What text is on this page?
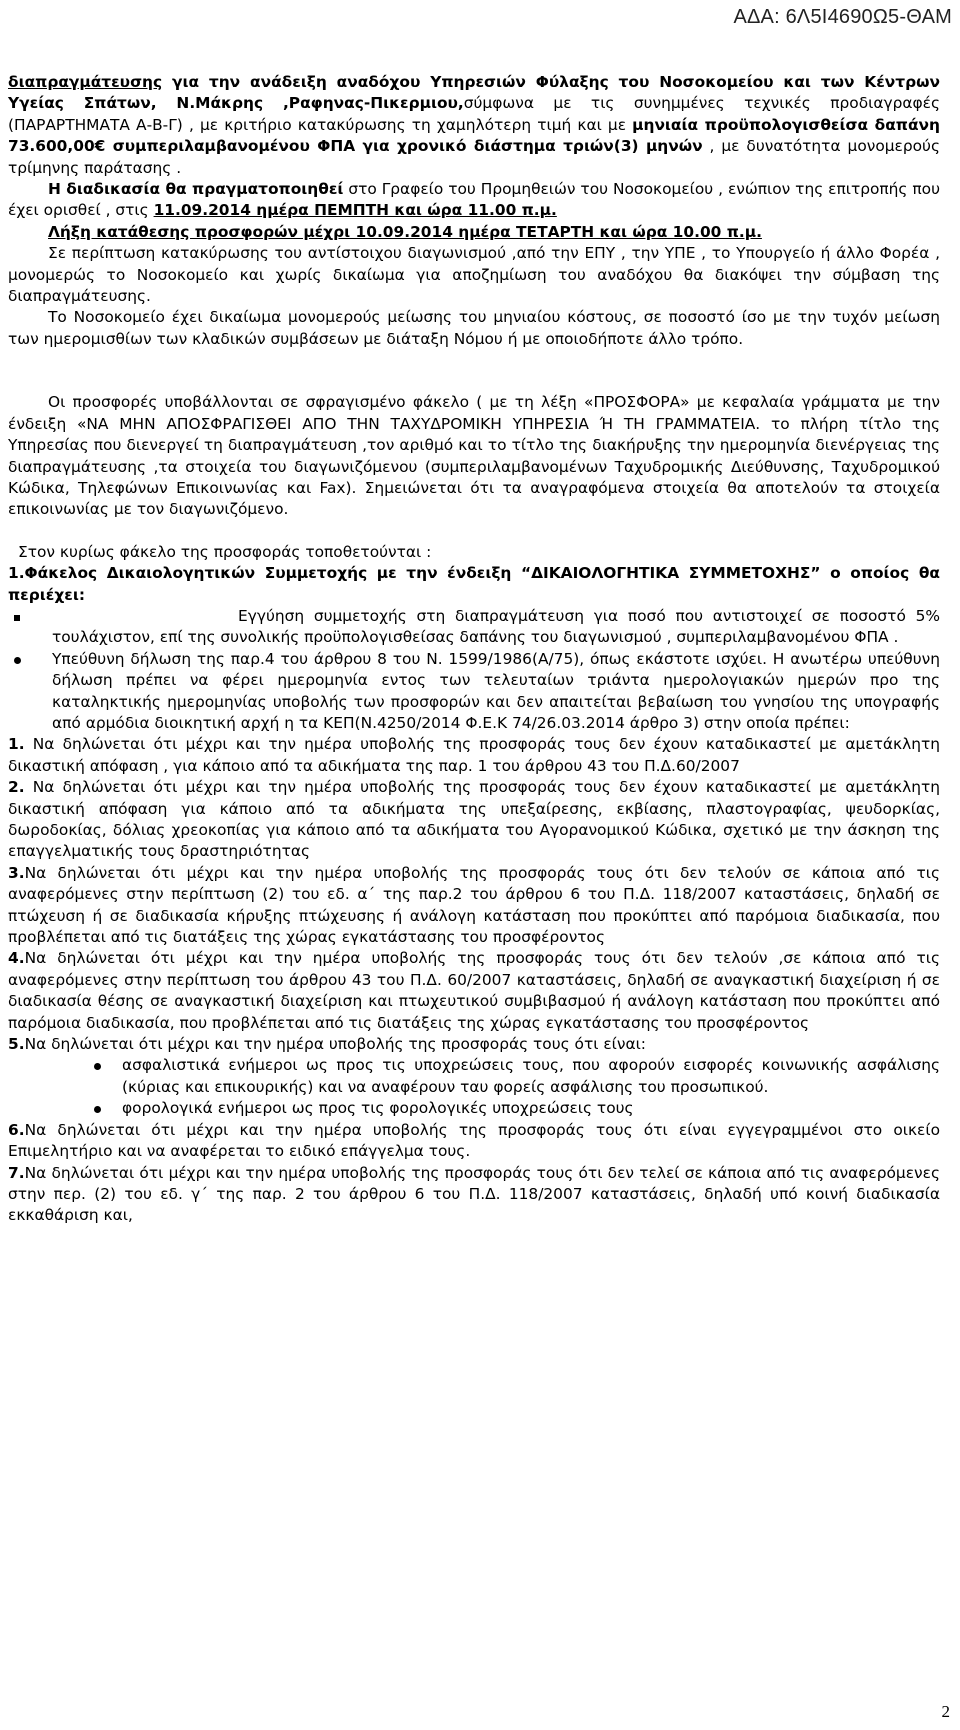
ΑΔΑ: 6Λ5Ι4690Ω5-ΘΑΜ

διαπραγμάτευσης για την ανάδειξη αναδόχου Υπηρεσιών Φύλαξης του Νοσοκομείου και των Κέντρων Υγείας Σπάτων, Ν.Μάκρης ,Ραφηνας-Πικερμιου,σύμφωνα με τις συνημμένες τεχνικές προδιαγραφές (ΠΑΡΑΡΤΗΜΑΤΑ Α-Β-Γ) , με κριτήριο κατακύρωσης τη χαμηλότερη τιμή και με μηνιαία προϋπολογισθείσα δαπάνη 73.600,00€ συμπεριλαμβανομένου ΦΠΑ για χρονικό διάστημα τριών(3) μηνών , με δυνατότητα μονομερούς τρίμηνης παράτασης .

Η διαδικασία θα πραγματοποιηθεί στο Γραφείο του Προμηθειών του Νοσοκομείου , ενώπιον της επιτροπής που έχει ορισθεί , στις 11.09.2014 ημέρα ΠΕΜΠΤΗ και ώρα 11.00 π.μ.

Λήξη κατάθεσης προσφορών μέχρι 10.09.2014 ημέρα ΤΕΤΑΡΤΗ και ώρα 10.00 π.μ.

Σε περίπτωση κατακύρωσης του αντίστοιχου διαγωνισμού ,από την ΕΠΥ , την ΥΠΕ , το Υπουργείο ή άλλο Φορέα , μονομερώς το Νοσοκομείο και χωρίς δικαίωμα για αποζημίωση του αναδόχου θα διακόψει την σύμβαση της διαπραγμάτευσης.

Το Νοσοκομείο έχει δικαίωμα μονομερούς μείωσης του μηνιαίου κόστους, σε ποσοστό ίσο με την τυχόν μείωση των ημερομισθίων των κλαδικών συμβάσεων με διάταξη Νόμου ή με οποιοδήποτε άλλο τρόπο.

Οι προσφορές υποβάλλονται σε σφραγισμένο φάκελο ( με τη λέξη «ΠΡΟΣΦΟΡΑ» με κεφαλαία γράμματα με την ένδειξη «ΝΑ ΜΗΝ ΑΠΟΣΦΡΑΓΙΣΘΕΙ ΑΠΟ ΤΗΝ ΤΑΧΥΔΡΟΜΙΚΗ ΥΠΗΡΕΣΙΑ Ή ΤΗ ΓΡΑΜΜΑΤΕΙΑ. το πλήρη τίτλο της Υπηρεσίας που διενεργεί τη διαπραγμάτευση ,τον αριθμό και το τίτλο της διακήρυξης την ημερομηνία διενέργειας της διαπραγμάτευσης ,τα στοιχεία του διαγωνιζόμενου (συμπεριλαμβανομένων Ταχυδρομικής Διεύθυνσης, Ταχυδρομικού Κώδικα, Τηλεφώνων Επικοινωνίας και Fax). Σημειώνεται ότι τα αναγραφόμενα στοιχεία θα αποτελούν τα στοιχεία επικοινωνίας με τον διαγωνιζόμενο.

Στον κυρίως φάκελο της προσφοράς τοποθετούνται :

1.Φάκελος Δικαιολογητικών Συμμετοχής με την ένδειξη “ΔΙΚΑΙΟΛΟΓΗΤΙΚΑ ΣΥΜΜΕΤΟΧΗΣ” ο οποίος θα περιέχει:

Εγγύηση συμμετοχής στη διαπραγμάτευση για ποσό που αντιστοιχεί σε ποσοστό 5% τουλάχιστον, επί της συνολικής προϋπολογισθείσας δαπάνης του διαγωνισμού , συμπεριλαμβανομένου ΦΠΑ .
Υπεύθυνη δήλωση της παρ.4 του άρθρου 8 του Ν. 1599/1986(Α/75), όπως εκάστοτε ισχύει. Η ανωτέρω υπεύθυνη δήλωση πρέπει να φέρει ημερομηνία εντος των τελευταίων τριάντα ημερολογιακών ημερών προ της καταληκτικής ημερομηνίας υποβολής των προσφορών και δεν απαιτείται βεβαίωση του γνησίου της υπογραφής από αρμόδια διοικητική αρχή η τα ΚΕΠ(Ν.4250/2014 Φ.Ε.Κ 74/26.03.2014 άρθρο 3) στην οποία πρέπει:

1. Να δηλώνεται ότι μέχρι και την ημέρα υποβολής της προσφοράς τους δεν έχουν καταδικαστεί με αμετάκλητη δικαστική απόφαση , για κάποιο από τα αδικήματα της παρ. 1 του άρθρου 43 του Π.Δ.60/2007

2. Να δηλώνεται ότι μέχρι και την ημέρα υποβολής της προσφοράς τους δεν έχουν καταδικαστεί με αμετάκλητη δικαστική απόφαση για κάποιο από τα αδικήματα της υπεξαίρεσης, εκβίασης, πλαστογραφίας, ψευδορκίας, δωροδοκίας, δόλιας χρεοκοπίας για κάποιο από τα αδικήματα του Αγορανομικού Κώδικα, σχετικό με την άσκηση της επαγγελματικής τους δραστηριότητας

3.Να δηλώνεται ότι μέχρι και την ημέρα υποβολής της προσφοράς τους ότι δεν τελούν σε κάποια από τις αναφερόμενες στην περίπτωση (2) του εδ. α΄ της παρ.2 του άρθρου 6 του Π.Δ. 118/2007 καταστάσεις, δηλαδή σε πτώχευση ή σε διαδικασία κήρυξης πτώχευσης ή ανάλογη κατάσταση που προκύπτει από παρόμοια διαδικασία, που προβλέπεται από τις διατάξεις της χώρας εγκατάστασης του προσφέροντος

4.Να δηλώνεται ότι μέχρι και την ημέρα υποβολής της προσφοράς τους ότι δεν τελούν ,σε κάποια από τις αναφερόμενες στην περίπτωση του άρθρου 43 του Π.Δ. 60/2007 καταστάσεις, δηλαδή σε αναγκαστική διαχείριση ή σε διαδικασία θέσης σε αναγκαστική διαχείριση και πτωχευτικού συμβιβασμού ή ανάλογη κατάσταση που προκύπτει από παρόμοια διαδικασία, που προβλέπεται από τις διατάξεις της χώρας εγκατάστασης του προσφέροντος

5.Να δηλώνεται ότι μέχρι και την ημέρα υποβολής της προσφοράς τους ότι είναι:

ασφαλιστικά ενήμεροι ως προς τις υποχρεώσεις τους, που αφορούν εισφορές κοινωνικής ασφάλισης (κύριας και επικουρικής) και να αναφέρουν ταυ φορείς ασφάλισης του προσωπικού.
φορολογικά ενήμεροι ως προς τις φορολογικές υποχρεώσεις τους

6.Να δηλώνεται ότι μέχρι και την ημέρα υποβολής της προσφοράς τους ότι είναι εγγεγραμμένοι στο οικείο Επιμελητήριο και να αναφέρεται το ειδικό επάγγελμα τους.

7.Να δηλώνεται ότι μέχρι και την ημέρα υποβολής της προσφοράς τους ότι δεν τελεί σε κάποια από τις αναφερόμενες στην περ. (2) του εδ. γ΄ της παρ. 2 του άρθρου 6 του Π.Δ. 118/2007 καταστάσεις, δηλαδή υπό κοινή διαδικασία εκκαθάριση και,

2
